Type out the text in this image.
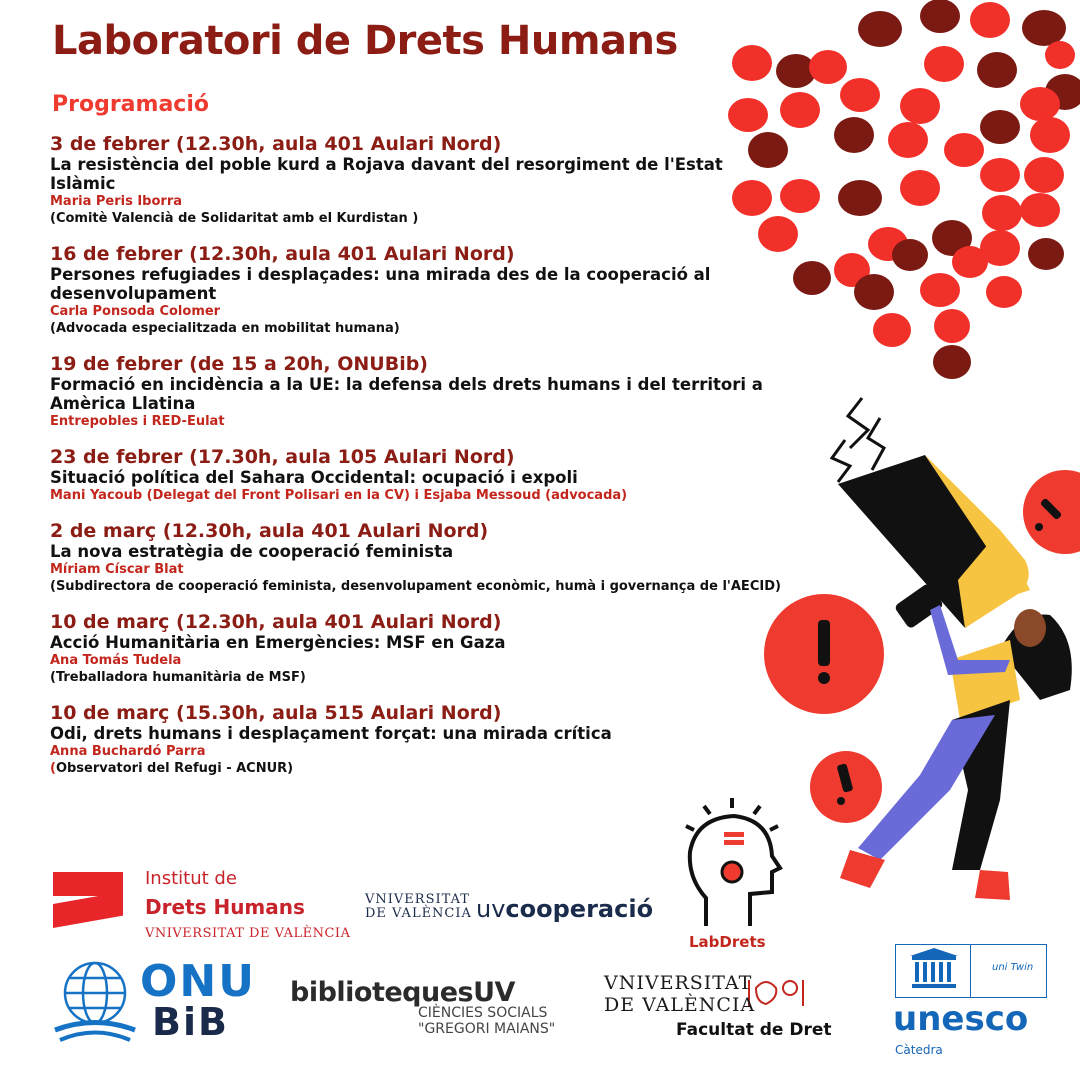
Laboratori de Drets Humans
Programació
3 de febrer (12.30h, aula 401 Aulari Nord)
La resistència del poble kurd a Rojava davant del resorgiment de l'Estat Islàmic
Maria Peris Iborra
(Comitè Valencià de Solidaritat amb el Kurdistan )
16 de febrer (12.30h, aula 401 Aulari Nord)
Persones refugiades i desplaçades: una mirada des de la cooperació al desenvolupament
Carla Ponsoda Colomer
(Advocada especialitzada en mobilitat humana)
19 de febrer (de 15 a 20h, ONUBib)
Formació en incidència a la UE: la defensa dels drets humans i del territori a Amèrica Llatina
Entrepobles i RED-Eulat
23 de febrer (17.30h, aula 105 Aulari Nord)
Situació política del Sahara Occidental: ocupació i expoli
Mani Yacoub (Delegat del Front Polisari en la CV) i Esjaba Messoud (advocada)
2 de març (12.30h, aula 401 Aulari Nord)
La nova estratègia de cooperació feminista
Míriam Císcar Blat
(Subdirectora de cooperació feminista, desenvolupament econòmic, humà i governança de l'AECID)
10 de març (12.30h, aula 401 Aulari Nord)
Acció Humanitària en Emergències: MSF en Gaza
Ana Tomás Tudela
(Treballadora humanitària de MSF)
10 de març (15.30h, aula 515 Aulari Nord)
Odi, drets humans i desplaçament forçat: una mirada crítica
Anna Buchardó Parra
(Observatori del Refugi - ACNUR)
Institut de
Drets Humans
VNIVERSITAT DE VALÈNCIA
VNIVERSITAT
DE VALÈNCIA uvcooperació
LabDrets
ONU
BiB
bibliotequesUV
CIÈNCIES SOCIALS
"GREGORI MAIANS"
VNIVERSITAT
DE VALÈNCIA
Facultat de Dret
uni Twin
unesco
Càtedra
